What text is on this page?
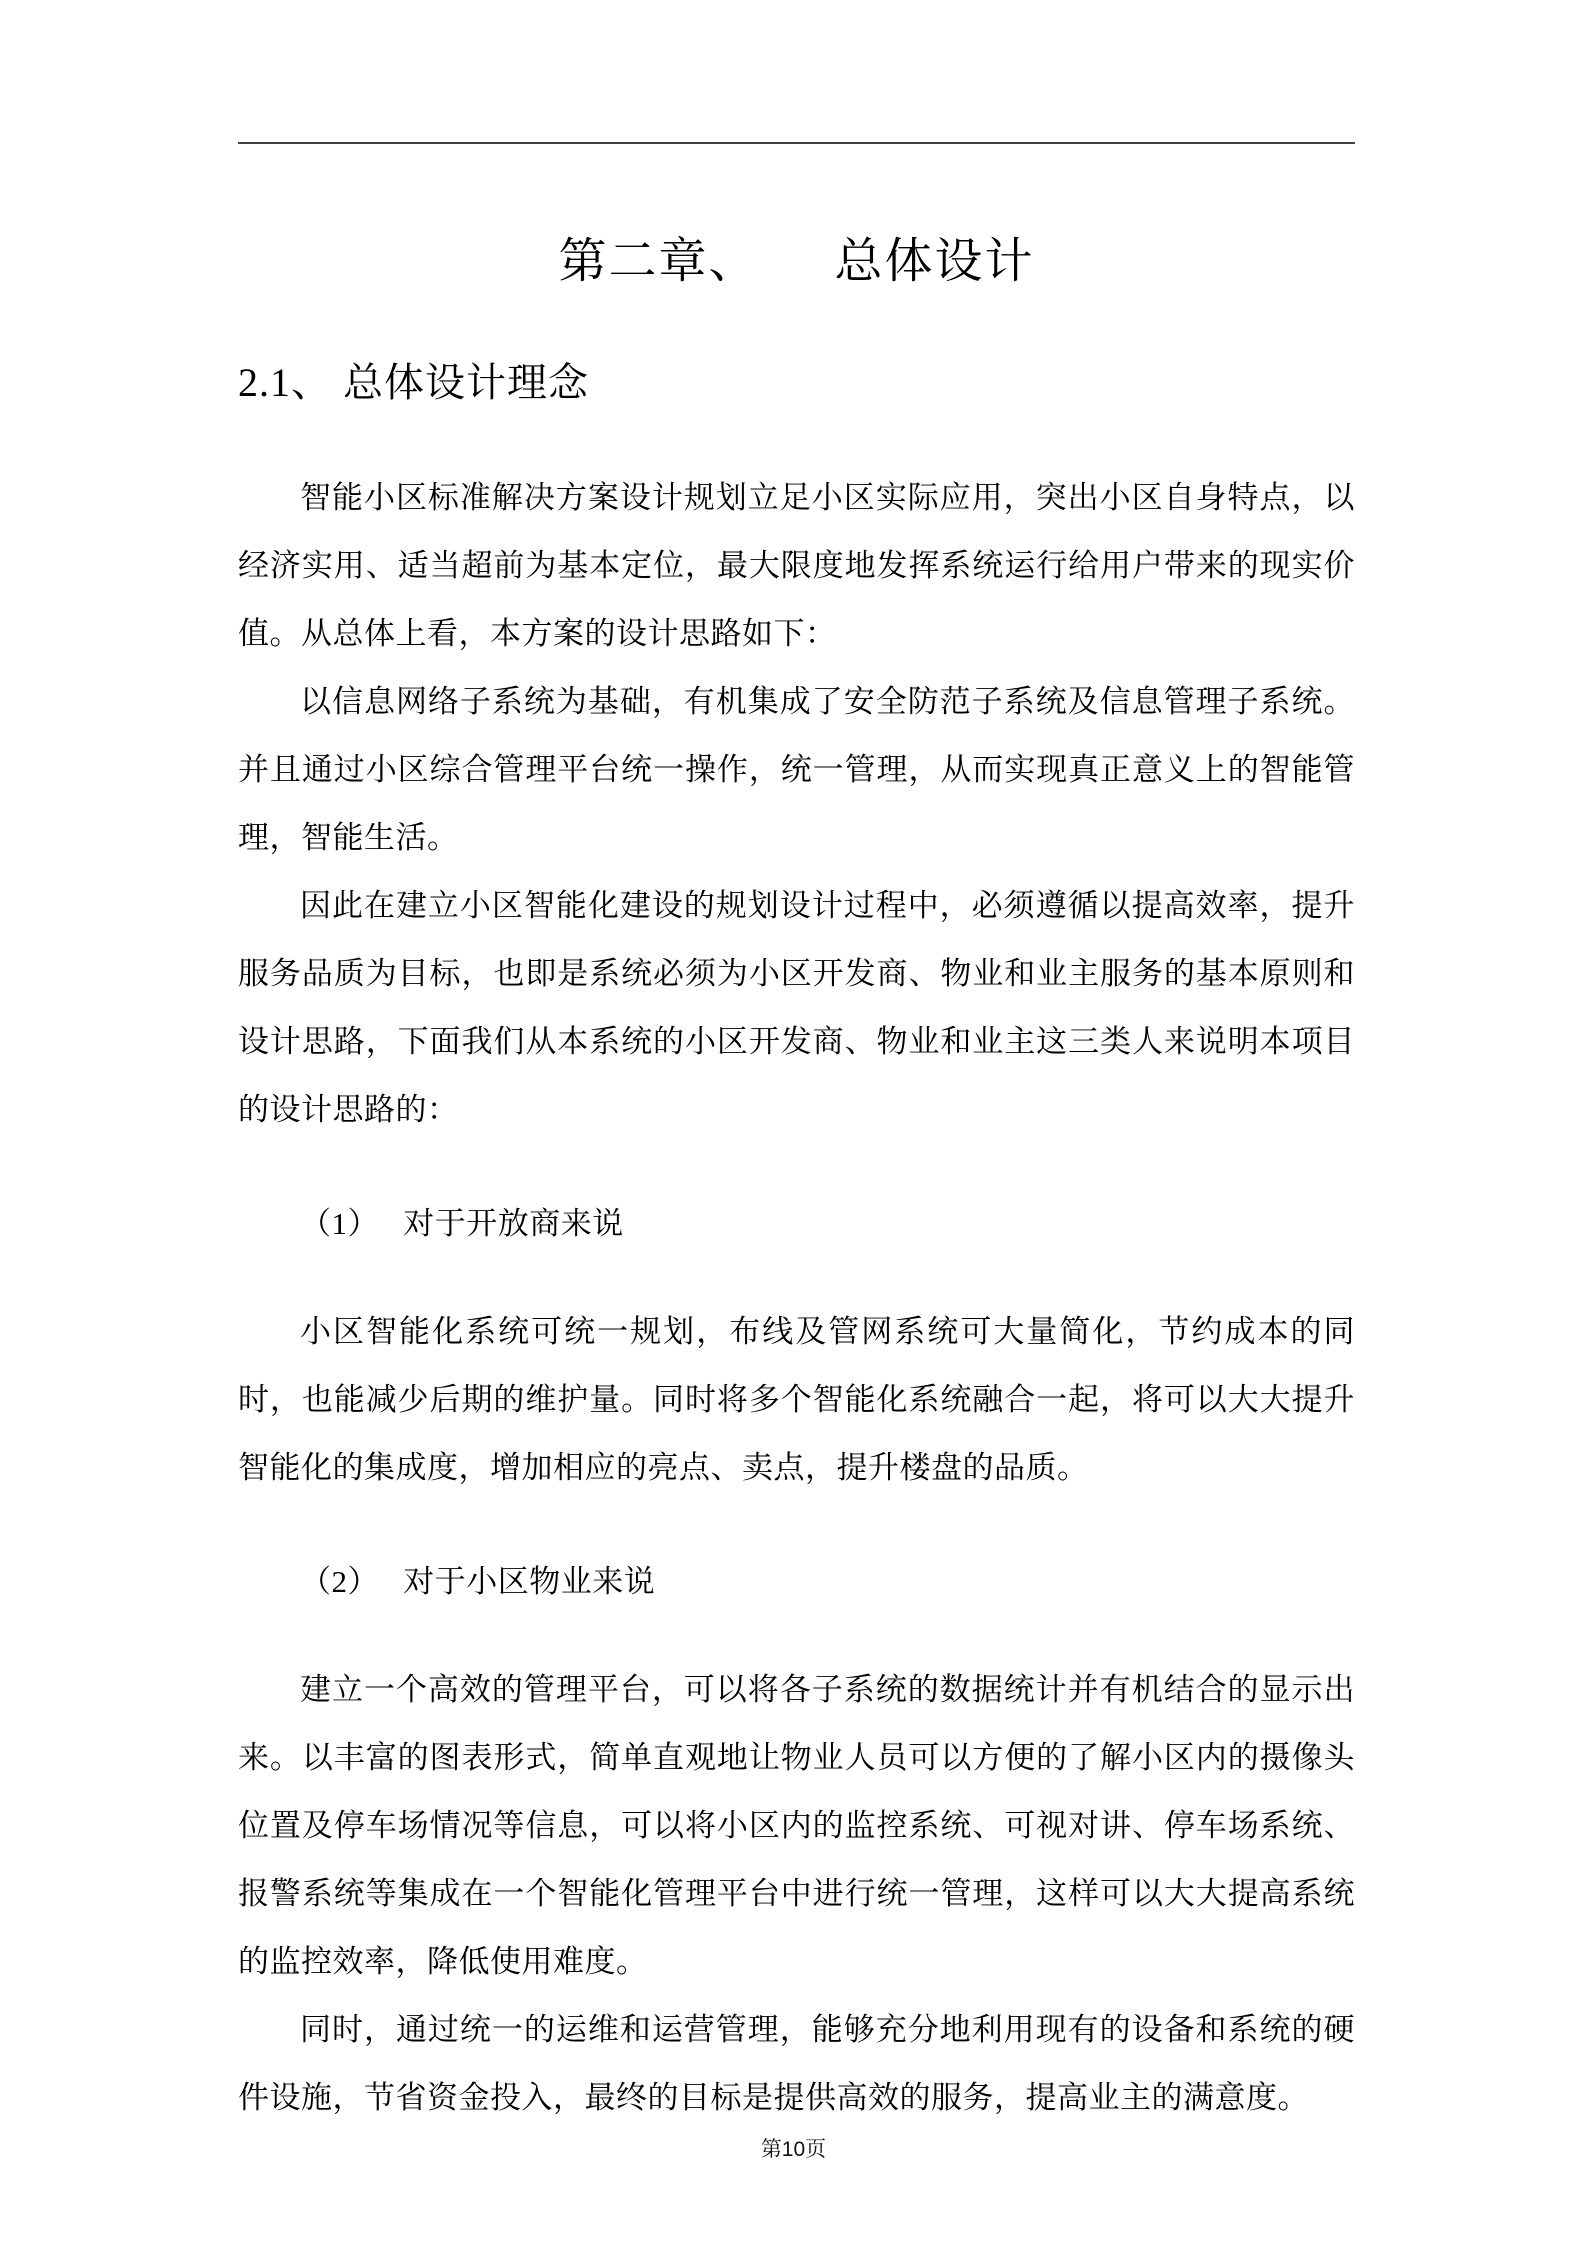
第二章、　　总体设计
2.1、 总体设计理念

智能小区标准解决方案设计规划立足小区实际应用，突出小区自身特点，以经济实用、适当超前为基本定位，最大限度地发挥系统运行给用户带来的现实价值。从总体上看，本方案的设计思路如下：

以信息网络子系统为基础，有机集成了安全防范子系统及信息管理子系统。并且通过小区综合管理平台统一操作，统一管理，从而实现真正意义上的智能管理，智能生活。

因此在建立小区智能化建设的规划设计过程中，必须遵循以提高效率，提升服务品质为目标，也即是系统必须为小区开发商、物业和业主服务的基本原则和设计思路，下面我们从本系统的小区开发商、物业和业主这三类人来说明本项目的设计思路的：

（1）　 对于开放商来说

小区智能化系统可统一规划，布线及管网系统可大量简化，节约成本的同时，也能减少后期的维护量。同时将多个智能化系统融合一起，将可以大大提升智能化的集成度，增加相应的亮点、卖点，提升楼盘的品质。

（2）　 对于小区物业来说

建立一个高效的管理平台，可以将各子系统的数据统计并有机结合的显示出来。以丰富的图表形式，简单直观地让物业人员可以方便的了解小区内的摄像头位置及停车场情况等信息，可以将小区内的监控系统、可视对讲、停车场系统、报警系统等集成在一个智能化管理平台中进行统一管理，这样可以大大提高系统的监控效率，降低使用难度。

同时，通过统一的运维和运营管理，能够充分地利用现有的设备和系统的硬件设施，节省资金投入，最终的目标是提供高效的服务，提高业主的满意度。

第10页
